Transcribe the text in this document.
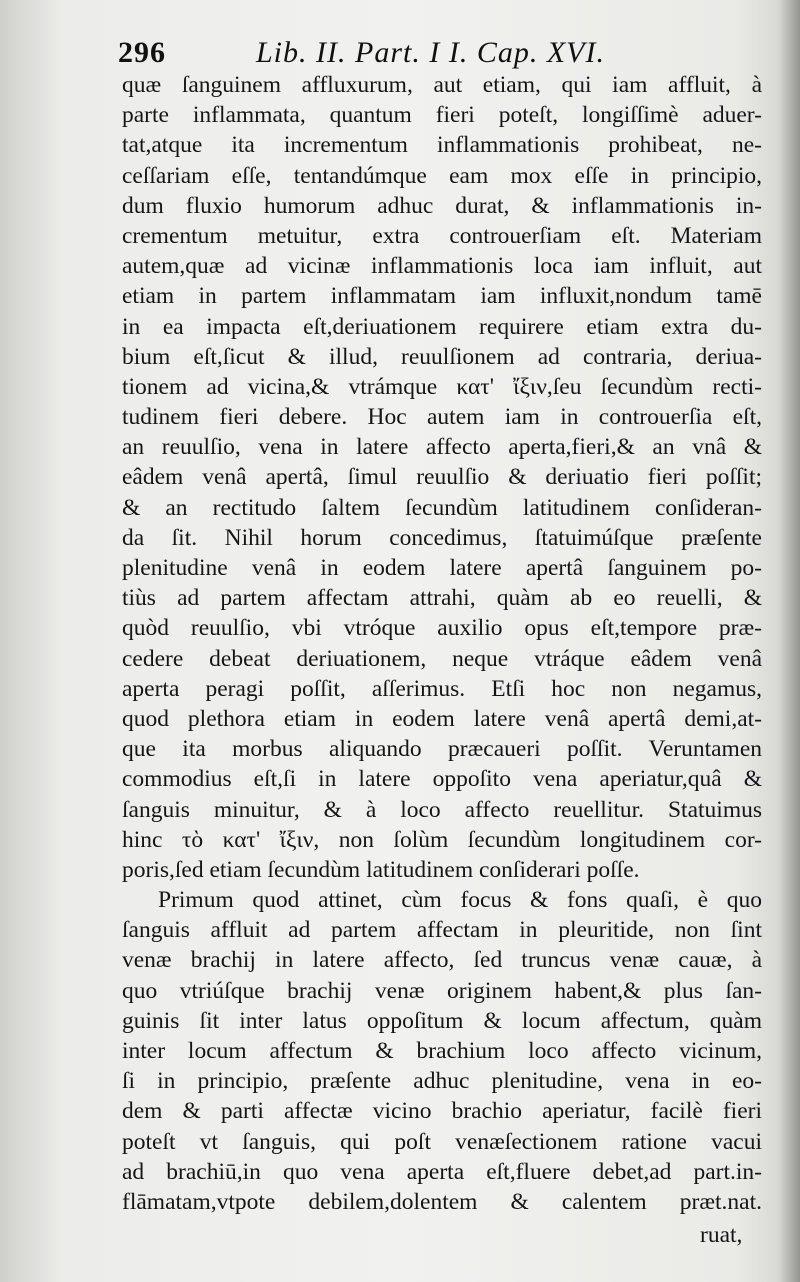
296	Lib. II. Part. I I. Cap. XVI.
quæ ſanguinem affluxurum, aut etiam, qui iam affluit, à
parte inflammata, quantum fieri poteſt, longiſſimè aduer-
tat,atque ita incrementum inflammationis prohibeat, ne-
ceſſariam eſſe, tentandúmque eam mox eſſe in principio,
dum fluxio humorum adhuc durat, & inflammationis in-
crementum metuitur, extra controuerſiam eſt. Materiam
autem,quæ ad vicinæ inflammationis loca iam influit, aut
etiam in partem inflammatam iam influxit,nondum tamē
in ea impacta eſt,deriuationem requirere etiam extra du-
bium eſt,ſicut & illud, reuulſionem ad contraria, deriua-
tionem ad vicina,& vtrámque κατ' ἴξιν,ſeu ſecundùm recti-
tudinem fieri debere. Hoc autem iam in controuerſia eſt,
an reuulſio, vena in latere affecto aperta,fieri,& an vnâ &
eâdem venâ apertâ, ſimul reuulſio & deriuatio fieri poſſit;
& an rectitudo ſaltem ſecundùm latitudinem conſideran-
da ſit. Nihil horum concedimus, ſtatuimúſque præſente
plenitudine venâ in eodem latere apertâ ſanguinem po-
tiùs ad partem affectam attrahi, quàm ab eo reuelli, &
quòd reuulſio, vbi vtróque auxilio opus eſt,tempore præ-
cedere debeat deriuationem, neque vtráque eâdem venâ
aperta peragi poſſit, aſſerimus. Etſi hoc non negamus,
quod plethora etiam in eodem latere venâ apertâ demi,at-
que ita morbus aliquando præcaueri poſſit. Veruntamen
commodius eſt,ſi in latere oppoſito vena aperiatur,quâ &
ſanguis minuitur, & à loco affecto reuellitur. Statuimus
hinc τὸ κατ' ἴξιν, non ſolùm ſecundùm longitudinem cor-
poris,ſed etiam ſecundùm latitudinem conſiderari poſſe.
Primum quod attinet, cùm focus & fons quaſi, è quo
ſanguis affluit ad partem affectam in pleuritide, non ſint
venæ brachij in latere affecto, ſed truncus venæ cauæ, à
quo vtriúſque brachij venæ originem habent,& plus ſan-
guinis ſit inter latus oppoſitum & locum affectum, quàm
inter locum affectum & brachium loco affecto vicinum,
ſi in principio, præſente adhuc plenitudine, vena in eo-
dem & parti affectæ vicino brachio aperiatur, facilè fieri
poteſt vt ſanguis, qui poſt venæſectionem ratione vacui
ad brachiū,in quo vena aperta eſt,fluere debet,ad part.in-
flāmatam,vtpote debilem,dolentem & calentem præt.nat.
ruat,
